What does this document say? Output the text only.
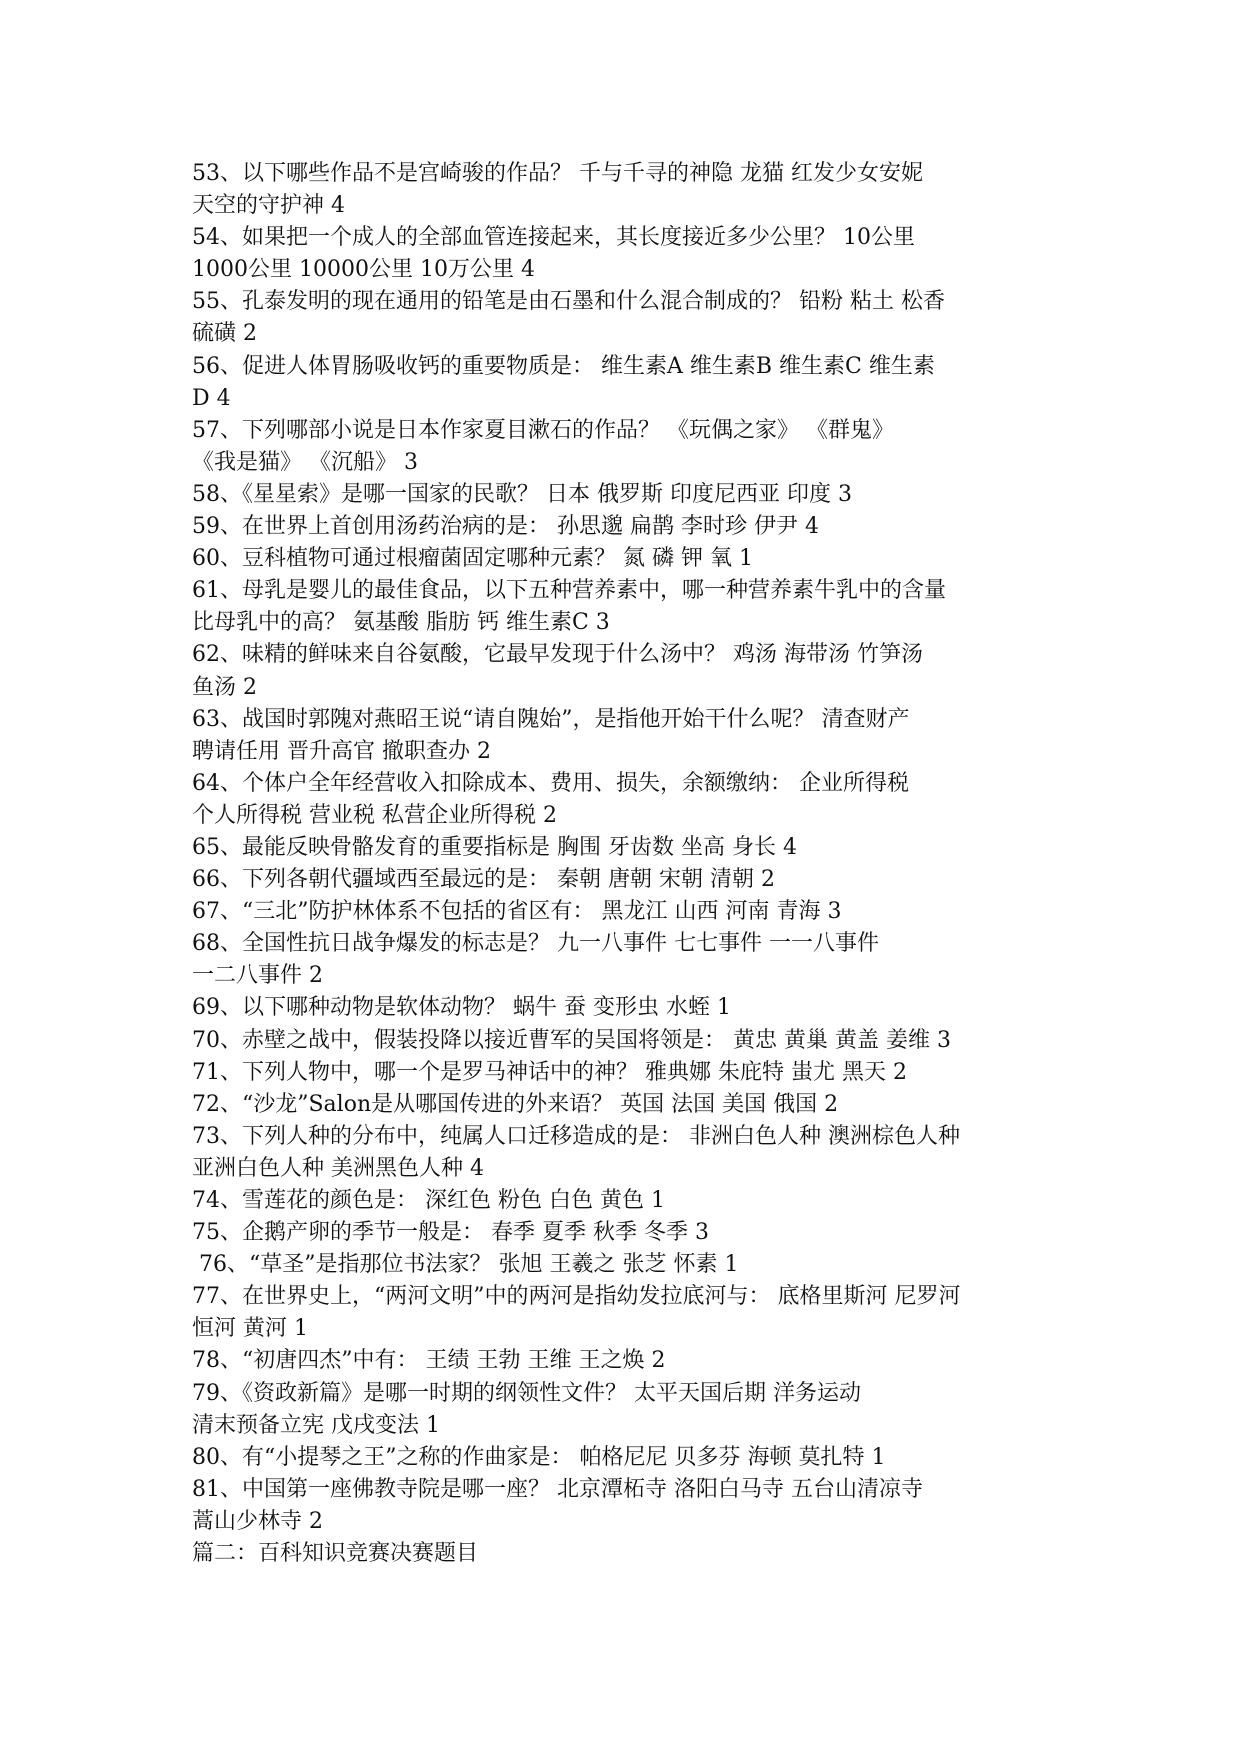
53、以下哪些作品不是宫崎骏的作品？ 千与千寻的神隐 龙猫 红发少女安妮
天空的守护神 4
54、如果把一个成人的全部血管连接起来，其长度接近多少公里？ 10公里
1000公里 10000公里 10万公里 4
55、孔泰发明的现在通用的铅笔是由石墨和什么混合制成的？ 铅粉 粘土 松香
硫磺 2
56、促进人体胃肠吸收钙的重要物质是： 维生素A 维生素B 维生素C 维生素
D 4
57、下列哪部小说是日本作家夏目漱石的作品？ 《玩偶之家》 《群鬼》
《我是猫》 《沉船》 3
58、《星星索》是哪一国家的民歌？ 日本 俄罗斯 印度尼西亚 印度 3
59、在世界上首创用汤药治病的是： 孙思邈 扁鹊 李时珍 伊尹 4
60、豆科植物可通过根瘤菌固定哪种元素？ 氮 磷 钾 氧 1
61、母乳是婴儿的最佳食品，以下五种营养素中，哪一种营养素牛乳中的含量
比母乳中的高？ 氨基酸 脂肪 钙 维生素C 3
62、味精的鲜味来自谷氨酸，它最早发现于什么汤中？ 鸡汤 海带汤 竹笋汤
鱼汤 2
63、战国时郭隗对燕昭王说“请自隗始”，是指他开始干什么呢？ 清查财产
聘请任用 晋升高官 撤职查办 2
64、个体户全年经营收入扣除成本、费用、损失，余额缴纳： 企业所得税
个人所得税 营业税 私营企业所得税 2
65、最能反映骨骼发育的重要指标是 胸围 牙齿数 坐高 身长 4
66、下列各朝代疆域西至最远的是： 秦朝 唐朝 宋朝 清朝 2
67、“三北”防护林体系不包括的省区有： 黑龙江 山西 河南 青海 3
68、全国性抗日战争爆发的标志是？ 九一八事件 七七事件 一一八事件
一二八事件 2
69、以下哪种动物是软体动物？ 蜗牛 蚕 变形虫 水蛭 1
70、赤壁之战中，假装投降以接近曹军的吴国将领是： 黄忠 黄巢 黄盖 姜维 3
71、下列人物中，哪一个是罗马神话中的神？ 雅典娜 朱庇特 蚩尤 黑天 2
72、“沙龙”Salon是从哪国传进的外来语？ 英国 法国 美国 俄国 2
73、下列人种的分布中，纯属人口迁移造成的是： 非洲白色人种 澳洲棕色人种
亚洲白色人种 美洲黑色人种 4
74、雪莲花的颜色是： 深红色 粉色 白色 黄色 1
75、企鹅产卵的季节一般是： 春季 夏季 秋季 冬季 3
76、“草圣”是指那位书法家？ 张旭 王羲之 张芝 怀素 1
77、在世界史上，“两河文明”中的两河是指幼发拉底河与： 底格里斯河 尼罗河
恒河 黄河 1
78、“初唐四杰”中有： 王绩 王勃 王维 王之焕 2
79、《资政新篇》是哪一时期的纲领性文件？ 太平天国后期 洋务运动
清末预备立宪 戊戌变法 1
80、有“小提琴之王”之称的作曲家是： 帕格尼尼 贝多芬 海顿 莫扎特 1
81、中国第一座佛教寺院是哪一座？ 北京潭柘寺 洛阳白马寺 五台山清凉寺
蒿山少林寺 2
篇二：百科知识竞赛决赛题目
